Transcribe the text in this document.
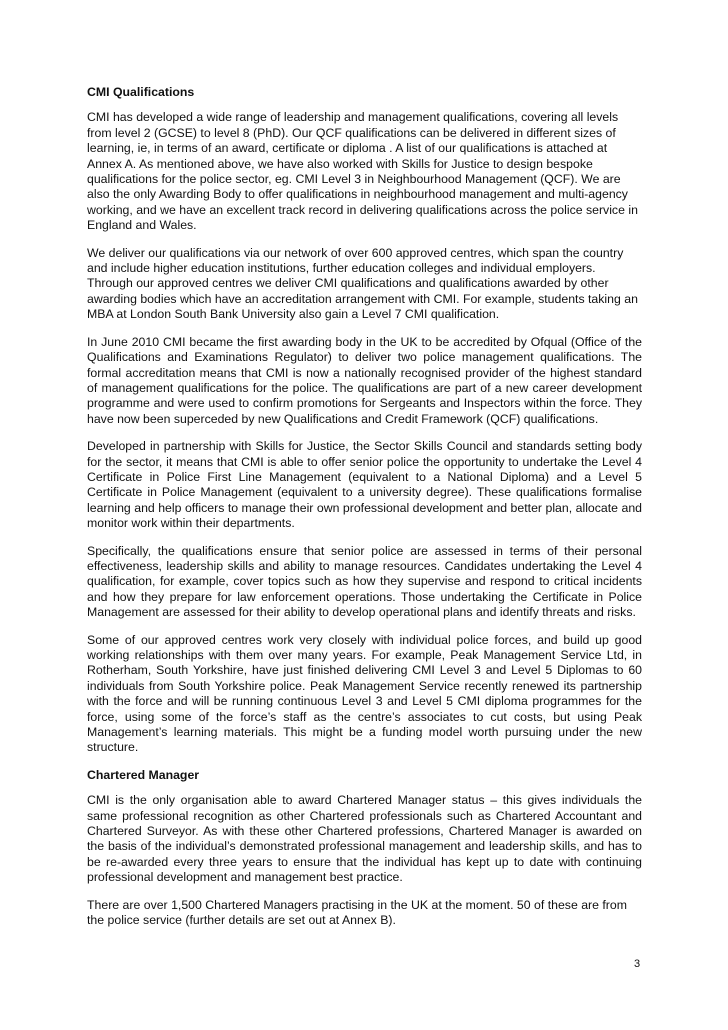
CMI Qualifications

CMI has developed a wide range of leadership and management qualifications, covering all levels from level 2 (GCSE) to level 8 (PhD). Our QCF qualifications can be delivered in different sizes of learning, ie, in terms of an award, certificate or diploma . A list of our qualifications is attached at Annex A. As mentioned above, we have also worked with Skills for Justice to design bespoke qualifications for the police sector, eg. CMI Level 3 in Neighbourhood Management (QCF). We are also the only Awarding Body to offer qualifications in neighbourhood management and multi-agency working, and we have an excellent track record in delivering qualifications across the police service in England and Wales.

We deliver our qualifications via our network of over 600 approved centres, which span the country and include higher education institutions, further education colleges and individual employers. Through our approved centres we deliver CMI qualifications and qualifications awarded by other awarding bodies which have an accreditation arrangement with CMI. For example, students taking an MBA at London South Bank University also gain a Level 7 CMI qualification.

In June 2010 CMI became the first awarding body in the UK to be accredited by Ofqual (Office of the Qualifications and Examinations Regulator) to deliver two police management qualifications. The formal accreditation means that CMI is now a nationally recognised provider of the highest standard of management qualifications for the police. The qualifications are part of a new career development programme and were used to confirm promotions for Sergeants and Inspectors within the force. They have now been superceded by new Qualifications and Credit Framework (QCF) qualifications.

Developed in partnership with Skills for Justice, the Sector Skills Council and standards setting body for the sector, it means that CMI is able to offer senior police the opportunity to undertake the Level 4 Certificate in Police First Line Management (equivalent to a National Diploma) and a Level 5 Certificate in Police Management (equivalent to a university degree). These qualifications formalise learning and help officers to manage their own professional development and better plan, allocate and monitor work within their departments.

Specifically, the qualifications ensure that senior police are assessed in terms of their personal effectiveness, leadership skills and ability to manage resources. Candidates undertaking the Level 4 qualification, for example, cover topics such as how they supervise and respond to critical incidents and how they prepare for law enforcement operations. Those undertaking the Certificate in Police Management are assessed for their ability to develop operational plans and identify threats and risks.

Some of our approved centres work very closely with individual police forces, and build up good working relationships with them over many years. For example, Peak Management Service Ltd, in Rotherham, South Yorkshire, have just finished delivering CMI Level 3 and Level 5 Diplomas to 60 individuals from South Yorkshire police. Peak Management Service recently renewed its partnership with the force and will be running continuous Level 3 and Level 5 CMI diploma programmes for the force, using some of the force’s staff as the centre’s associates to cut costs, but using Peak Management’s learning materials. This might be a funding model worth pursuing under the new structure.

Chartered Manager

CMI is the only organisation able to award Chartered Manager status – this gives individuals the same professional recognition as other Chartered professionals such as Chartered Accountant and Chartered Surveyor. As with these other Chartered professions, Chartered Manager is awarded on the basis of the individual’s demonstrated professional management and leadership skills, and has to be re-awarded every three years to ensure that the individual has kept up to date with continuing professional development and management best practice.

There are over 1,500 Chartered Managers practising in the UK at the moment. 50 of these are from the police service (further details are set out at Annex B).

3
